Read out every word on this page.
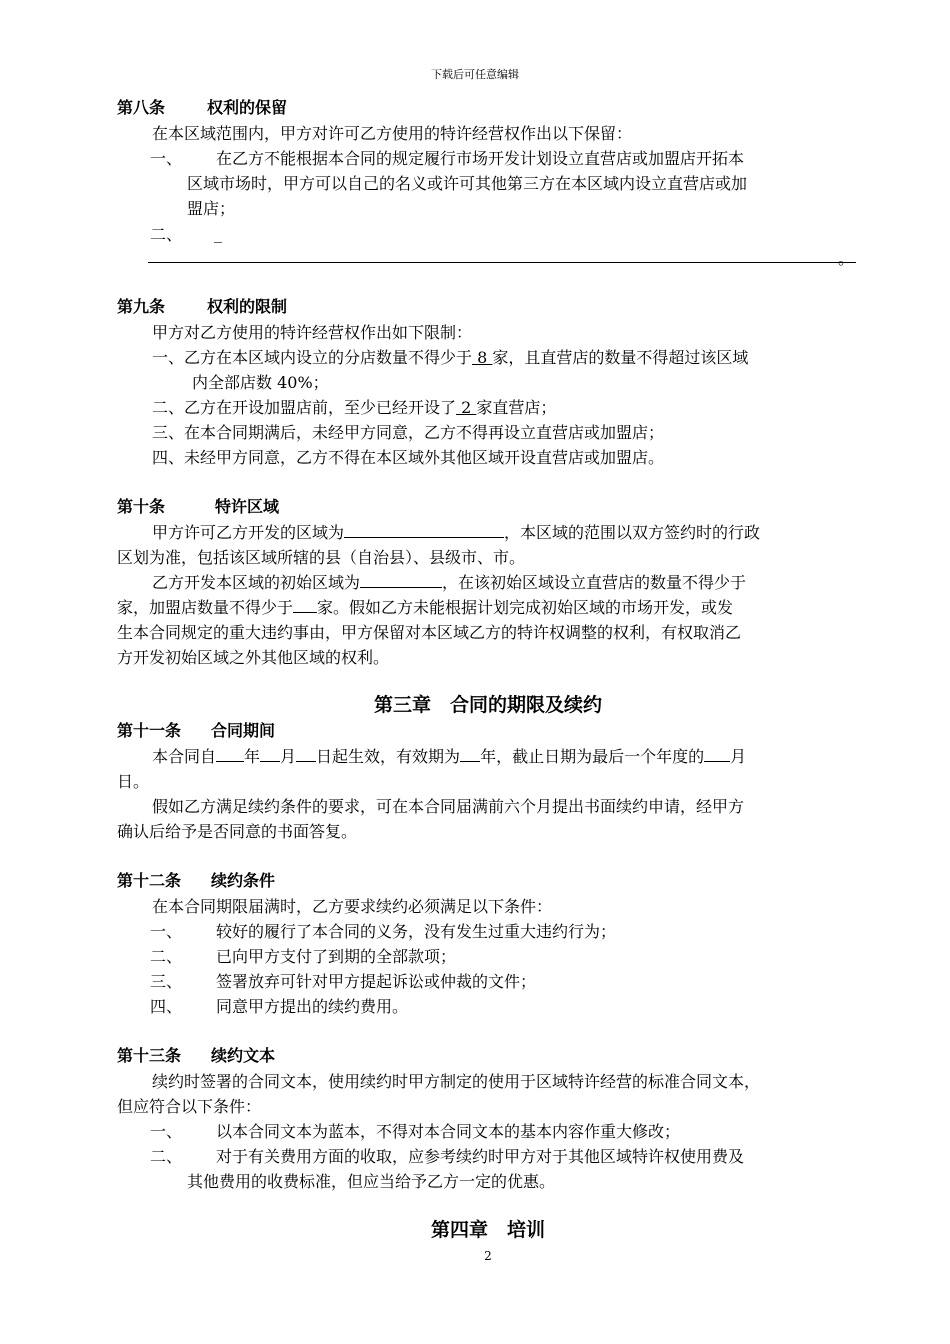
下载后可任意编辑
第八条	权利的保留
在本区域范围内，甲方对许可乙方使用的特许经营权作出以下保留：
一、 在乙方不能根据本合同的规定履行市场开发计划设立直营店或加盟店开拓本
区域市场时，甲方可以自己的名义或许可其他第三方在本区域内设立直营店或加
盟店；
二、 _
。
第九条	权利的限制
甲方对乙方使用的特许经营权作出如下限制：
一、乙方在本区域内设立的分店数量不得少于 8 家，且直营店的数量不得超过该区域
内全部店数 40%；
二、乙方在开设加盟店前，至少已经开设了 2 家直营店；
三、在本合同期满后，未经甲方同意，乙方不得再设立直营店或加盟店；
四、未经甲方同意，乙方不得在本区域外其他区域开设直营店或加盟店。
第十条	特许区域
甲方许可乙方开发的区域为	，本区域的范围以双方签约时的行政
区划为准，包括该区域所辖的县（自治县）、县级市、市。
乙方开发本区域的初始区域为	，在该初始区域设立直营店的数量不得少于
家，加盟店数量不得少于 家。假如乙方未能根据计划完成初始区域的市场开发，或发
生本合同规定的重大违约事由，甲方保留对本区域乙方的特许权调整的权利，有权取消乙
方开发初始区域之外其他区域的权利。
第三章　合同的期限及续约
第十一条 合同期间
本合同自 年 月 日起生效，有效期为 年，截止日期为最后一个年度的 月
日。
假如乙方满足续约条件的要求，可在本合同届满前六个月提出书面续约申请，经甲方
确认后给予是否同意的书面答复。
第十二条 续约条件
在本合同期限届满时，乙方要求续约必须满足以下条件：
一、 较好的履行了本合同的义务，没有发生过重大违约行为；
二、 已向甲方支付了到期的全部款项；
三、 签署放弃可针对甲方提起诉讼或仲裁的文件；
四、 同意甲方提出的续约费用。
第十三条 续约文本
续约时签署的合同文本，使用续约时甲方制定的使用于区域特许经营的标准合同文本，
但应符合以下条件：
一、 以本合同文本为蓝本，不得对本合同文本的基本内容作重大修改；
二、 对于有关费用方面的收取，应参考续约时甲方对于其他区域特许权使用费及
其他费用的收费标准，但应当给予乙方一定的优惠。
第四章　培训
2
